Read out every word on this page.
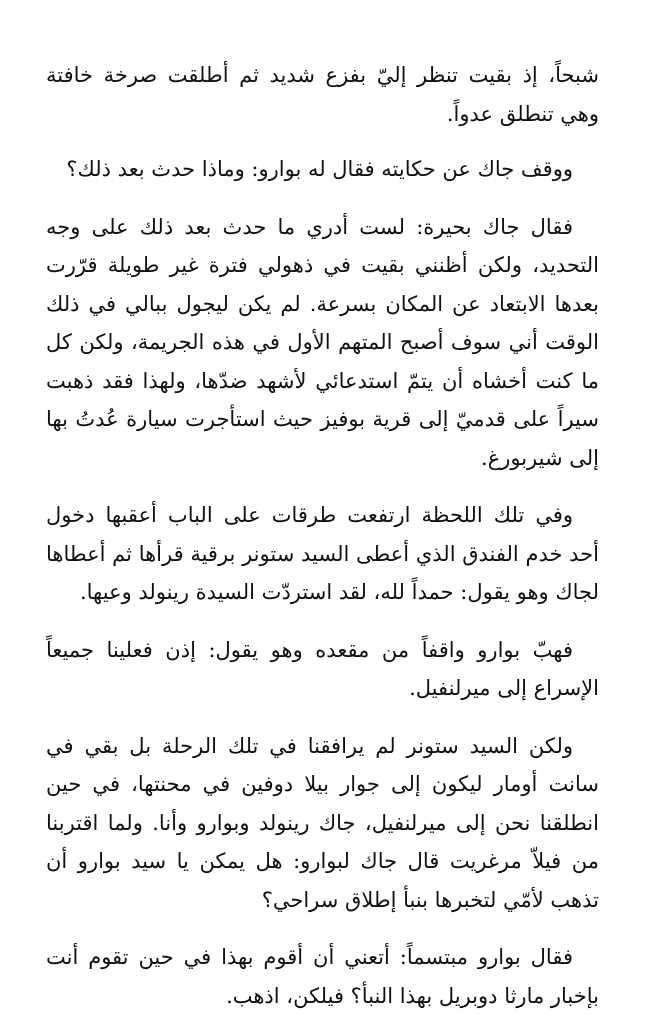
شبحاً، إذ بقيت تنظر إليّ بفزع شديد ثم أطلقت صرخة خافتة وهي تنطلق عدواً.

ووقف جاك عن حكايته فقال له بوارو: وماذا حدث بعد ذلك؟

فقال جاك بحيرة: لست أدري ما حدث بعد ذلك على وجه التحديد، ولكن أظنني بقيت في ذهولي فترة غير طويلة قرّرت بعدها الابتعاد عن المكان بسرعة. لم يكن ليجول ببالي في ذلك الوقت أني سوف أصبح المتهم الأول في هذه الجريمة، ولكن كل ما كنت أخشاه أن يتمّ استدعائي لأشهد ضدّها، ولهذا فقد ذهبت سيراً على قدميّ إلى قرية بوفيز حيث استأجرت سيارة عُدتُ بها إلى شيربورغ.

وفي تلك اللحظة ارتفعت طرقات على الباب أعقبها دخول أحد خدم الفندق الذي أعطى السيد ستونر برقية قرأها ثم أعطاها لجاك وهو يقول: حمداً لله، لقد استردّت السيدة رينولد وعيها.

فهبّ بوارو واقفاً من مقعده وهو يقول: إذن فعلينا جميعاً الإسراع إلى ميرلنفيل.

ولكن السيد ستونر لم يرافقنا في تلك الرحلة بل بقي في سانت أومار ليكون إلى جوار بيلا دوفين في محنتها، في حين انطلقنا نحن إلى ميرلنفيل، جاك رينولد وبوارو وأنا. ولما اقتربنا من فيلاّ مرغريت قال جاك لبوارو: هل يمكن يا سيد بوارو أن تذهب لأمّي لتخبرها بنبأ إطلاق سراحي؟

فقال بوارو مبتسماً: أتعني أن أقوم بهذا في حين تقوم أنت بإخبار مارثا دوبريل بهذا النبأ؟ فيلكن، اذهب.
